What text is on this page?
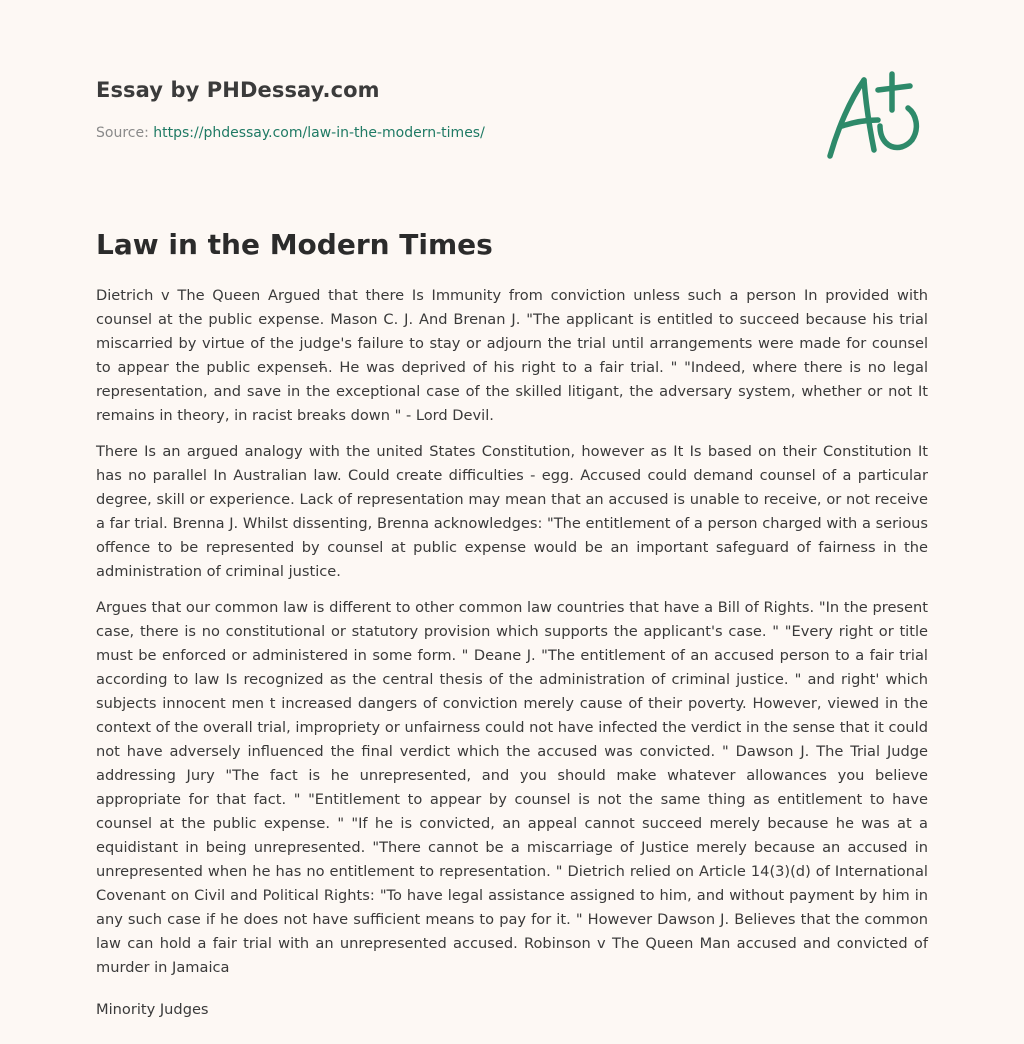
Essay by PHDessay.com
Source: https://phdessay.com/law-in-the-modern-times/
Law in the Modern Times

Dietrich v The Queen Argued that there Is Immunity from conviction unless such a person In provided with counsel at the public expense. Mason C. J. And Brenan J. "The applicant is entitled to succeed because his trial miscarried by virtue of the judge's failure to stay or adjourn the trial until arrangements were made for counsel to appear the public expenseћ. He was deprived of his right to a fair trial. " "Indeed, where there is no legal representation, and save in the exceptional case of the skilled litigant, the adversary system, whether or not It remains in theory, in racist breaks down " - Lord Devil.

There Is an argued analogy with the united States Constitution, however as It Is based on their Constitution It has no parallel In Australian law. Could create difficulties - egg. Accused could demand counsel of a particular degree, skill or experience. Lack of representation may mean that an accused is unable to receive, or not receive a far trial. Brenna J. Whilst dissenting, Brenna acknowledges: "The entitlement of a person charged with a serious offence to be represented by counsel at public expense would be an important safeguard of fairness in the administration of criminal justice.

Argues that our common law is different to other common law countries that have a Bill of Rights. "In the present case, there is no constitutional or statutory provision which supports the applicant's case. " "Every right or title must be enforced or administered in some form. " Deane J. "The entitlement of an accused person to a fair trial according to law Is recognized as the central thesis of the administration of criminal justice. " and right' which subjects innocent men t increased dangers of conviction merely cause of their poverty. However, viewed in the context of the overall trial, impropriety or unfairness could not have infected the verdict in the sense that it could not have adversely influenced the final verdict which the accused was convicted. " Dawson J. The Trial Judge addressing Jury "The fact is he unrepresented, and you should make whatever allowances you believe appropriate for that fact. " "Entitlement to appear by counsel is not the same thing as entitlement to have counsel at the public expense. " "If he is convicted, an appeal cannot succeed merely because he was at a equidistant in being unrepresented. "There cannot be a miscarriage of Justice merely because an accused in unrepresented when he has no entitlement to representation. " Dietrich relied on Article 14(3)(d) of International Covenant on Civil and Political Rights: "To have legal assistance assigned to him, and without payment by him in any such case if he does not have sufficient means to pay for it. " However Dawson J. Believes that the common law can hold a fair trial with an unrepresented accused. Robinson v The Queen Man accused and convicted of murder in Jamaica

Minority Judges
